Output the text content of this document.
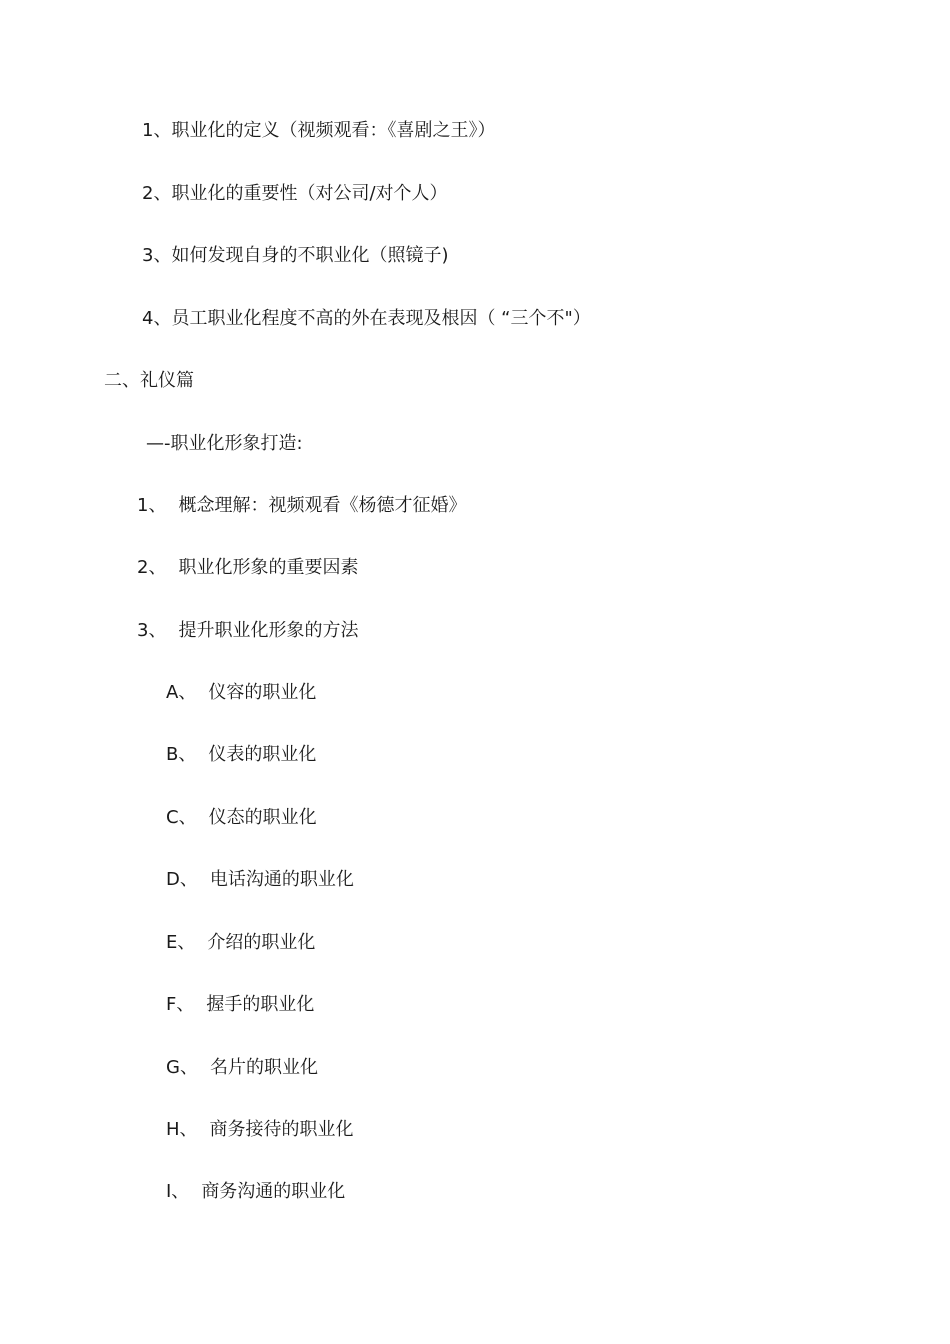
1、职业化的定义（视频观看：《喜剧之王》）
2、职业化的重要性（对公司/对个人）
3、如何发现自身的不职业化（照镜子)
4、员工职业化程度不高的外在表现及根因（ “三个不"）
二、礼仪篇
—-职业化形象打造:
1、 概念理解：视频观看《杨德才征婚》
2、 职业化形象的重要因素
3、 提升职业化形象的方法
A、 仪容的职业化
B、 仪表的职业化
C、 仪态的职业化
D、 电话沟通的职业化
E、 介绍的职业化
F、 握手的职业化
G、 名片的职业化
H、 商务接待的职业化
I、 商务沟通的职业化
